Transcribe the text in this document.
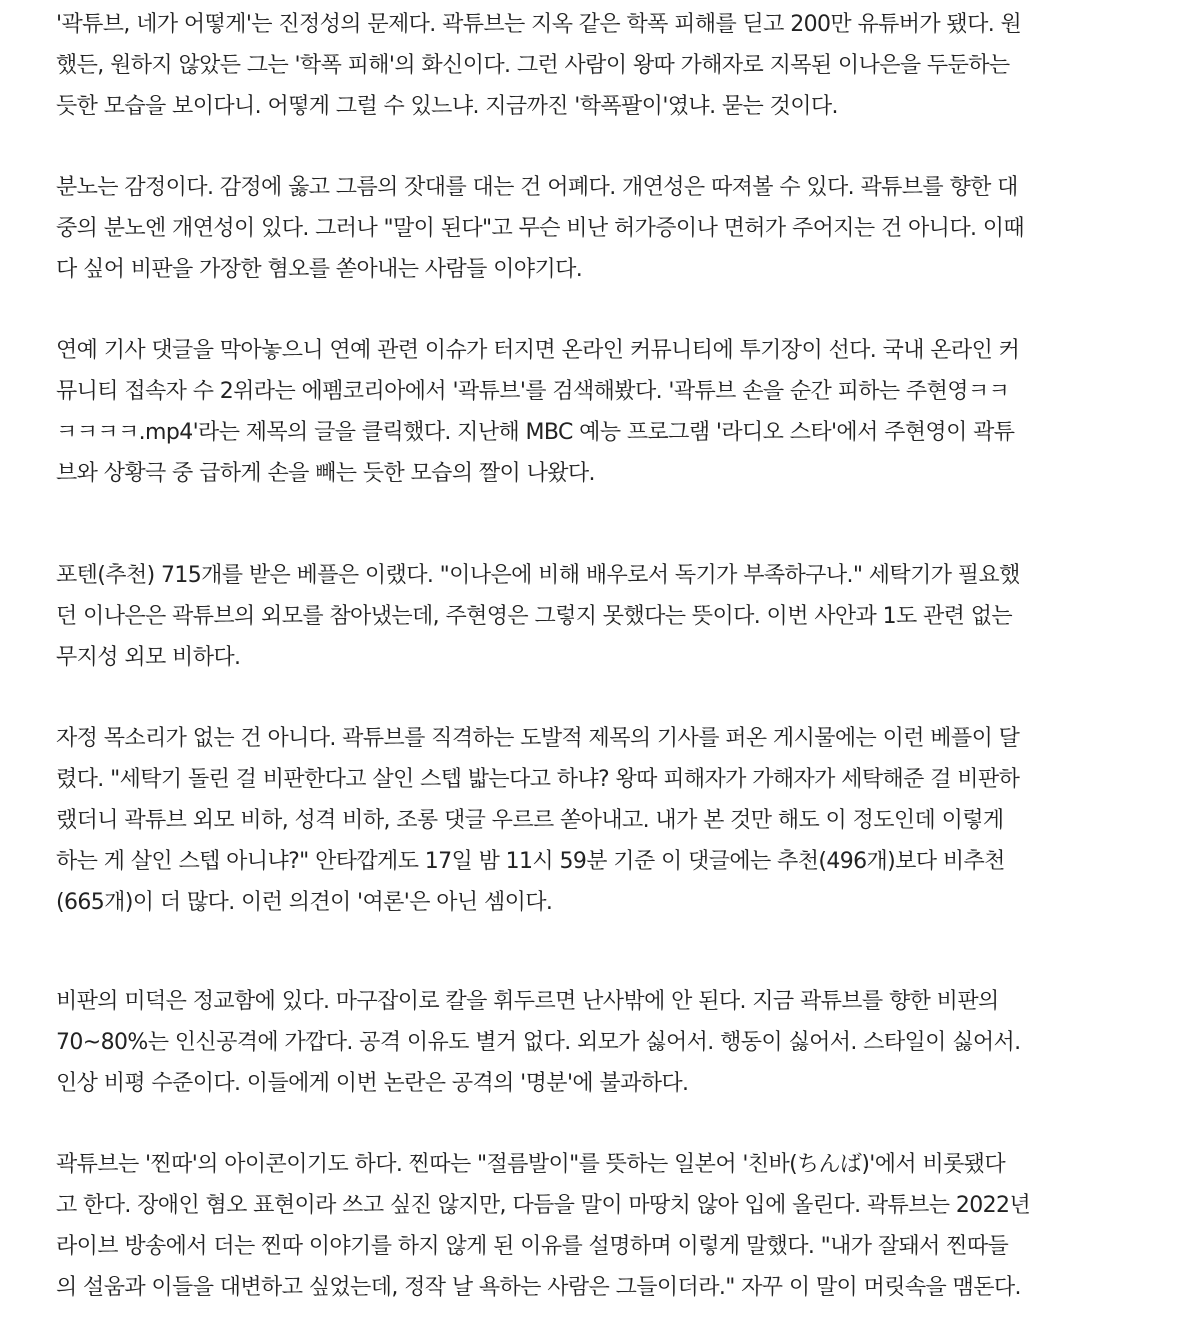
'곽튜브, 네가 어떻게'는 진정성의 문제다. 곽튜브는 지옥 같은 학폭 피해를 딛고 200만 유튜버가 됐다. 원
했든, 원하지 않았든 그는 '학폭 피해'의 화신이다. 그런 사람이 왕따 가해자로 지목된 이나은을 두둔하는
듯한 모습을 보이다니. 어떻게 그럴 수 있느냐. 지금까진 '학폭팔이'였냐. 묻는 것이다.

분노는 감정이다. 감정에 옳고 그름의 잣대를 대는 건 어폐다. 개연성은 따져볼 수 있다. 곽튜브를 향한 대
중의 분노엔 개연성이 있다. 그러나 "말이 된다"고 무슨 비난 허가증이나 면허가 주어지는 건 아니다. 이때
다 싶어 비판을 가장한 혐오를 쏟아내는 사람들 이야기다.

연예 기사 댓글을 막아놓으니 연예 관련 이슈가 터지면 온라인 커뮤니티에 투기장이 선다. 국내 온라인 커
뮤니티 접속자 수 2위라는 에펨코리아에서 '곽튜브'를 검색해봤다. '곽튜브 손을 순간 피하는 주현영ㅋㅋ
ㅋㅋㅋㅋ.mp4'라는 제목의 글을 클릭했다. 지난해 MBC 예능 프로그램 '라디오 스타'에서 주현영이 곽튜
브와 상황극 중 급하게 손을 빼는 듯한 모습의 짤이 나왔다.

포텐(추천) 715개를 받은 베플은 이랬다. "이나은에 비해 배우로서 독기가 부족하구나." 세탁기가 필요했
던 이나은은 곽튜브의 외모를 참아냈는데, 주현영은 그렇지 못했다는 뜻이다. 이번 사안과 1도 관련 없는
무지성 외모 비하다.

자정 목소리가 없는 건 아니다. 곽튜브를 직격하는 도발적 제목의 기사를 퍼온 게시물에는 이런 베플이 달
렸다. "세탁기 돌린 걸 비판한다고 살인 스텝 밟는다고 하냐? 왕따 피해자가 가해자가 세탁해준 걸 비판하
랬더니 곽튜브 외모 비하, 성격 비하, 조롱 댓글 우르르 쏟아내고. 내가 본 것만 해도 이 정도인데 이렇게
하는 게 살인 스텝 아니냐?" 안타깝게도 17일 밤 11시 59분 기준 이 댓글에는 추천(496개)보다 비추천
(665개)이 더 많다. 이런 의견이 '여론'은 아닌 셈이다.

비판의 미덕은 정교함에 있다. 마구잡이로 칼을 휘두르면 난사밖에 안 된다. 지금 곽튜브를 향한 비판의
70~80%는 인신공격에 가깝다. 공격 이유도 별거 없다. 외모가 싫어서. 행동이 싫어서. 스타일이 싫어서.
인상 비평 수준이다. 이들에게 이번 논란은 공격의 '명분'에 불과하다.

곽튜브는 '찐따'의 아이콘이기도 하다. 찐따는 "절름발이"를 뜻하는 일본어 '친바(ちんば)'에서 비롯됐다
고 한다. 장애인 혐오 표현이라 쓰고 싶진 않지만, 다듬을 말이 마땅치 않아 입에 올린다. 곽튜브는 2022년
라이브 방송에서 더는 찐따 이야기를 하지 않게 된 이유를 설명하며 이렇게 말했다. "내가 잘돼서 찐따들
의 설움과 이들을 대변하고 싶었는데, 정작 날 욕하는 사람은 그들이더라." 자꾸 이 말이 머릿속을 맴돈다.
